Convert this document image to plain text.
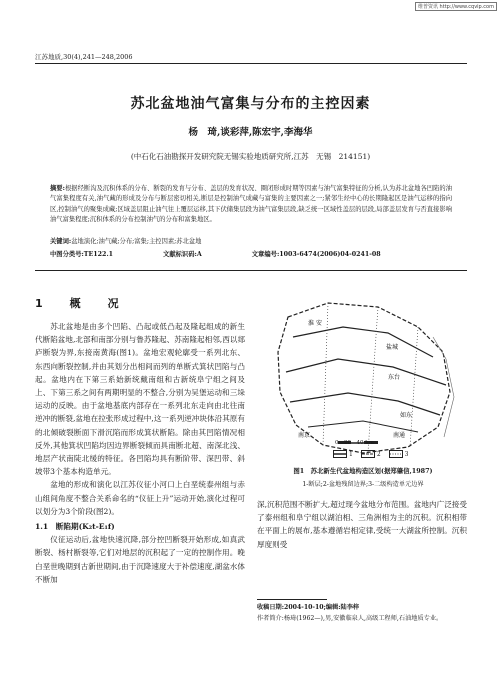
维普资讯 http://www.cqvip.com
江苏地质,30(4),241—248,2006
苏北盆地油气富集与分布的主控因素
杨　琦,谈彩萍,陈宏宇,李海华
(中石化石油勘探开发研究院无锡实验地质研究所,江苏　无锡　214151)
摘要:根据经断沟及沉积体系的分布、断裂的发育与分布、盖层的发育状况、圈闭形成时期等因素与油气富集特征的分析,认为苏北盆地各凹陷的油气富集程度有关,油气藏的形成及分布与断层密切相关,断层是控制油气成藏与富集的主要因素之一;紧邻生烃中心的长期隆起区是油气运移的指向区,控制油气的聚集成藏;区域盖层阻止油气往上覆层运移,其下伏储集层段为油气富集层段,缺乏统一区域性盖层的层段,局部盖层发育与否直接影响油气富集程度;沉积体系的分布控制油气的分布和富集地区。
关键词:盆地演化;油气藏;分布;富集;主控因素;苏北盆地
中图分类号:TE122.1	文献标识码:A	文章编号:1003-6474(2006)04-0241-08
1　概　况

苏北盆地是由多个凹陷、凸起或低凸起及隆起组成的新生代断陷盆地,北部和南部分别与鲁苏隆起、苏南隆起相邻,西以郯庐断裂为界,东接南黄海(图1)。盆地宏观轮廓受一系列北东、东西向断裂控制,并由其划分出相间而列的单断式箕状凹陷与凸起。盆地内在下第三系始新统戴南组和古新统阜宁组之间及上、下第三系之间有两期明显的不整合,分别为吴堡运动和三垛运动的反映。由于盆地基底内部存在一系列北东走向由北往南逆冲的断裂,盆地在拉张形成过程中,这一系列逆冲块体沿其原有的北倾破裂断面下滑沉陷而形成箕状断陷。除由其凹陷情况相反外,其他箕状凹陷均因边界断裂倾而具南断北超、南深北浅、地层产状南陡北缓的特征。各凹陷均具有断阶带、深凹带、斜坡带3个基本构造单元。

盆地的形成和演化以江苏仪征小河口上白垩统泰州组与赤山组间角度不整合关系命名的“仪征上升”运动开始,演化过程可以划分为3个阶段(图2)。

1.1　断陷期(K₂t-E₁f)

仪征运动后,盆地快速沉降,部分控凹断裂开始形成,如真武断裂、杨村断裂等,它们对地层的沉积起了一定的控制作用。晚白垩世晚期到古新世期间,由于沉降速度大于补偿速度,湖盆水体不断加

淮 安
如东
南京
东台
盐城
南通
0　20　40 km
1	2	3
图1　苏北新生代盆地构造区划(据郑肇信,1987)
1-断层;2-盆地残留边界;3-二级构造单元边界

深,沉积范围不断扩大,超过现今盆地分布范围。盆地内广泛接受了泰州组和阜宁组以湖泊相、三角洲相为主的沉积。沉积相带在平面上的展布,基本遵循岩相定律,受统一大湖盆所控制。沉积厚度则受

收稿日期:2004-10-10;编辑:陆李梓
作者简介:杨琦(1962—),男,安徽临泉人,高级工程师,石油地质专业。
